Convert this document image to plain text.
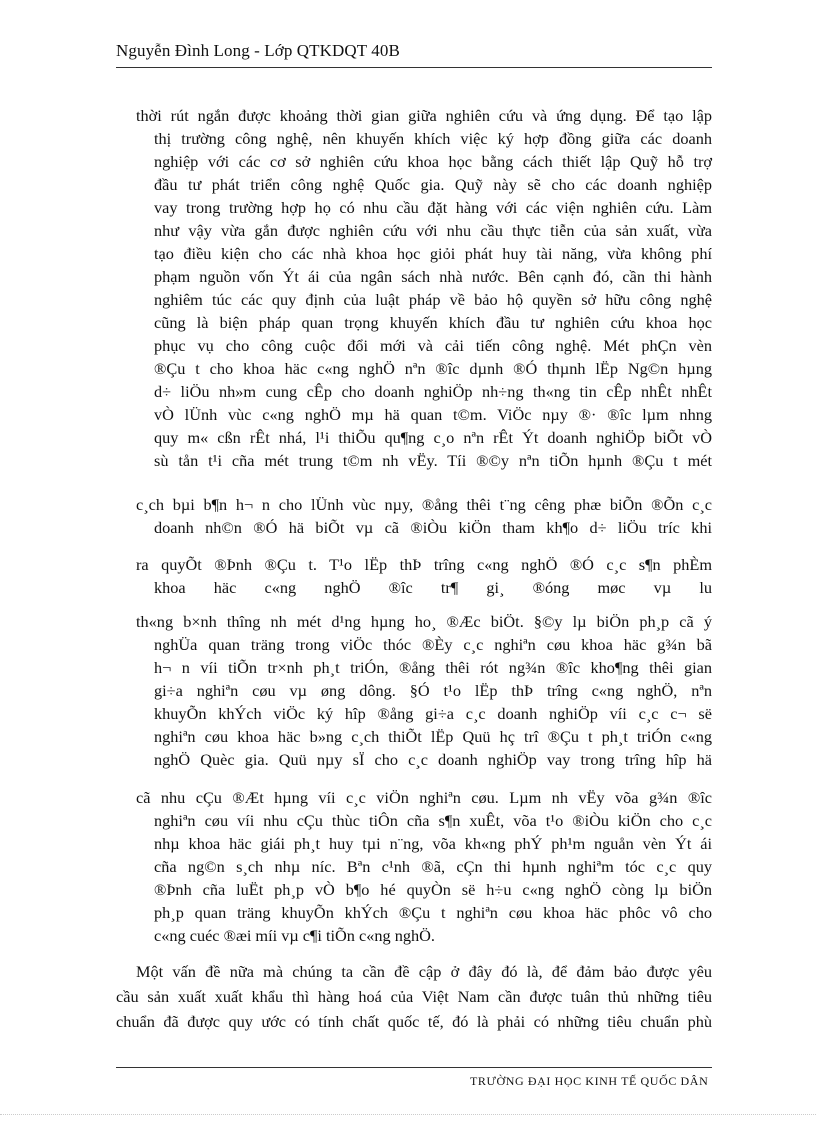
Nguyễn Đình Long - Lớp QTKDQT 40B
thời rút ngắn được khoảng thời gian giữa nghiên cứu và ứng dụng. Để tạo lập
thị trường công nghệ, nên khuyến khích việc ký hợp đồng giữa các doanh
nghiệp với các cơ sở nghiên cứu khoa học bằng cách thiết lập Quỹ hỗ trợ
đầu tư phát triển công nghệ Quốc gia. Quỹ này sẽ cho các doanh nghiệp
vay trong trường hợp họ có nhu cầu đặt hàng với các viện nghiên cứu. Làm
như vậy vừa gắn được nghiên cứu với nhu cầu thực tiễn của sản xuất, vừa
tạo điều kiện cho các nhà khoa học giỏi phát huy tài năng, vừa không phí
phạm nguồn vốn Ýt ái của ngân sách nhà nước. Bên cạnh đó, cần thi hành
nghiêm túc các quy định của luật pháp về bảo hộ quyền sở hữu công nghệ
cũng là biện pháp quan trọng khuyến khích đầu tư nghiên cứu khoa học
phục vụ cho công cuộc đổi mới và cải tiến công nghệ. Mét phÇn vèn
®Çu t cho khoa häc c«ng nghÖ nªn ®îc dµnh ®Ó thµnh lËp Ng©n hµng
d÷ liÖu nh»m cung cÊp cho doanh nghiÖp nh÷ng th«ng tin cÊp nhÊt nhÊt
vÒ lÜnh vùc c«ng nghÖ mµ hä quan t©m. ViÖc nµy ®· ®îc lµm nhng
quy m« cßn rÊt nhá, l¹i thiÕu qu¶ng c¸o nªn rÊt Ýt doanh nghiÖp biÕt vÒ
sù tån t¹i cña mét trung t©m nh vËy. Tíi ®©y nªn tiÕn hµnh ®Çu t mét
c¸ch bµi b¶n h¬ n cho lÜnh vùc nµy, ®ång thêi t¨ng cêng phæ biÕn ®Õn c¸c
doanh nh©n ®Ó hä biÕt vµ cã ®iÒu kiÖn tham kh¶o d÷ liÖu tríc khi
ra quyÕt ®Þnh ®Çu t. T¹o lËp thÞ trîng c«ng nghÖ ®Ó c¸c s¶n phÈm
khoa häc c«ng nghÖ ®îc tr¶ gi¸ ®óng møc vµ lu
th«ng b×nh thîng nh mét d¹ng hµng ho¸ ®Æc biÖt. §©y lµ biÖn ph¸p cã ý
nghÜa quan träng trong viÖc thóc ®Èy c¸c nghiªn cøu khoa häc g¾n bã
h¬ n víi tiÕn tr×nh ph¸t triÓn, ®ång thêi rót ng¾n ®îc kho¶ng thêi gian
gi÷a nghiªn cøu vµ øng dông. §Ó t¹o lËp thÞ trîng c«ng nghÖ, nªn
khuyÕn khÝch viÖc ký hîp ®ång gi÷a c¸c doanh nghiÖp víi c¸c c¬ së
nghiªn cøu khoa häc b»ng c¸ch thiÕt lËp Quü hç trî ®Çu t ph¸t triÓn c«ng
nghÖ Quèc gia. Quü nµy sÏ cho c¸c doanh nghiÖp vay trong trîng hîp hä
cã nhu cÇu ®Æt hµng víi c¸c viÖn nghiªn cøu. Lµm nh vËy võa g¾n ®îc
nghiªn cøu víi nhu cÇu thùc tiÔn cña s¶n xuÊt, võa t¹o ®iÒu kiÖn cho c¸c
nhµ khoa häc giái ph¸t huy tµi n¨ng, võa kh«ng phÝ ph¹m nguån vèn Ýt ái
cña ng©n s¸ch nhµ níc. Bªn c¹nh ®ã, cÇn thi hµnh nghiªm tóc c¸c quy
®Þnh cña luËt ph¸p vÒ b¶o hé quyÒn së h÷u c«ng nghÖ còng lµ biÖn
ph¸p quan träng khuyÕn khÝch ®Çu t nghiªn cøu khoa häc phôc vô cho
c«ng cuéc ®æi míi vµ c¶i tiÕn c«ng nghÖ.
Một vấn đề nữa mà chúng ta cần đề cập ở đây đó là, để đảm bảo được yêu
cầu sản xuất xuất khẩu thì hàng hoá của Việt Nam cần được tuân thủ những tiêu
chuẩn đã được quy ước có tính chất quốc tế, đó là phải có những tiêu chuẩn phù
TRƯỜNG ĐẠI HỌC KINH TẾ QUỐC DÂN
